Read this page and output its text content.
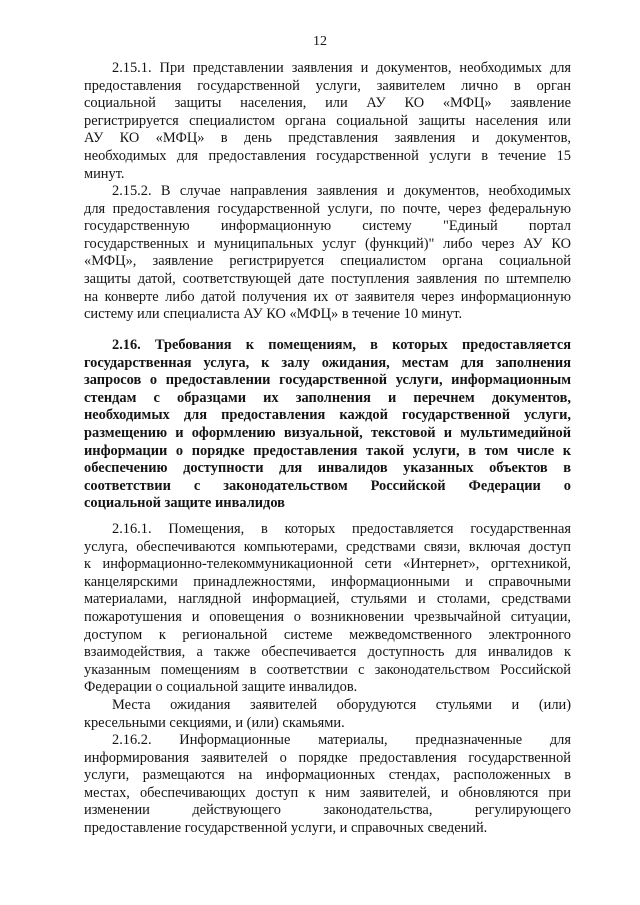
12
2.15.1. При представлении заявления и документов, необходимых для
предоставления государственной услуги, заявителем лично в орган
социальной защиты населения, или АУ КО «МФЦ» заявление
регистрируется специалистом органа социальной защиты населения или
АУ КО «МФЦ» в день представления заявления и документов,
необходимых для предоставления государственной услуги в течение 15
минут.
2.15.2. В случае направления заявления и документов, необходимых
для предоставления государственной услуги, по почте, через федеральную
государственную информационную систему "Единый портал
государственных и муниципальных услуг (функций)" либо через АУ КО
«МФЦ», заявление регистрируется специалистом органа социальной
защиты датой, соответствующей дате поступления заявления по штемпелю
на конверте либо датой получения их от заявителя через информационную
систему или специалиста АУ КО «МФЦ» в течение 10 минут.
2.16. Требования к помещениям, в которых предоставляется
государственная услуга, к залу ожидания, местам для заполнения
запросов о предоставлении государственной услуги, информационным
стендам с образцами их заполнения и перечнем документов,
необходимых для предоставления каждой государственной услуги,
размещению и оформлению визуальной, текстовой и мультимедийной
информации о порядке предоставления такой услуги, в том числе к
обеспечению доступности для инвалидов указанных объектов в
соответствии с законодательством Российской Федерации о
социальной защите инвалидов
2.16.1. Помещения, в которых предоставляется государственная
услуга, обеспечиваются компьютерами, средствами связи, включая доступ
к информационно-телекоммуникационной сети «Интернет», оргтехникой,
канцелярскими принадлежностями, информационными и справочными
материалами, наглядной информацией, стульями и столами, средствами
пожаротушения и оповещения о возникновении чрезвычайной ситуации,
доступом к региональной системе межведомственного электронного
взаимодействия, а также обеспечивается доступность для инвалидов к
указанным помещениям в соответствии с законодательством Российской
Федерации о социальной защите инвалидов.
Места ожидания заявителей оборудуются стульями и (или)
кресельными секциями, и (или) скамьями.
2.16.2. Информационные материалы, предназначенные для
информирования заявителей о порядке предоставления государственной
услуги, размещаются на информационных стендах, расположенных в
местах, обеспечивающих доступ к ним заявителей, и обновляются при
изменении действующего законодательства, регулирующего
предоставление государственной услуги, и справочных сведений.
